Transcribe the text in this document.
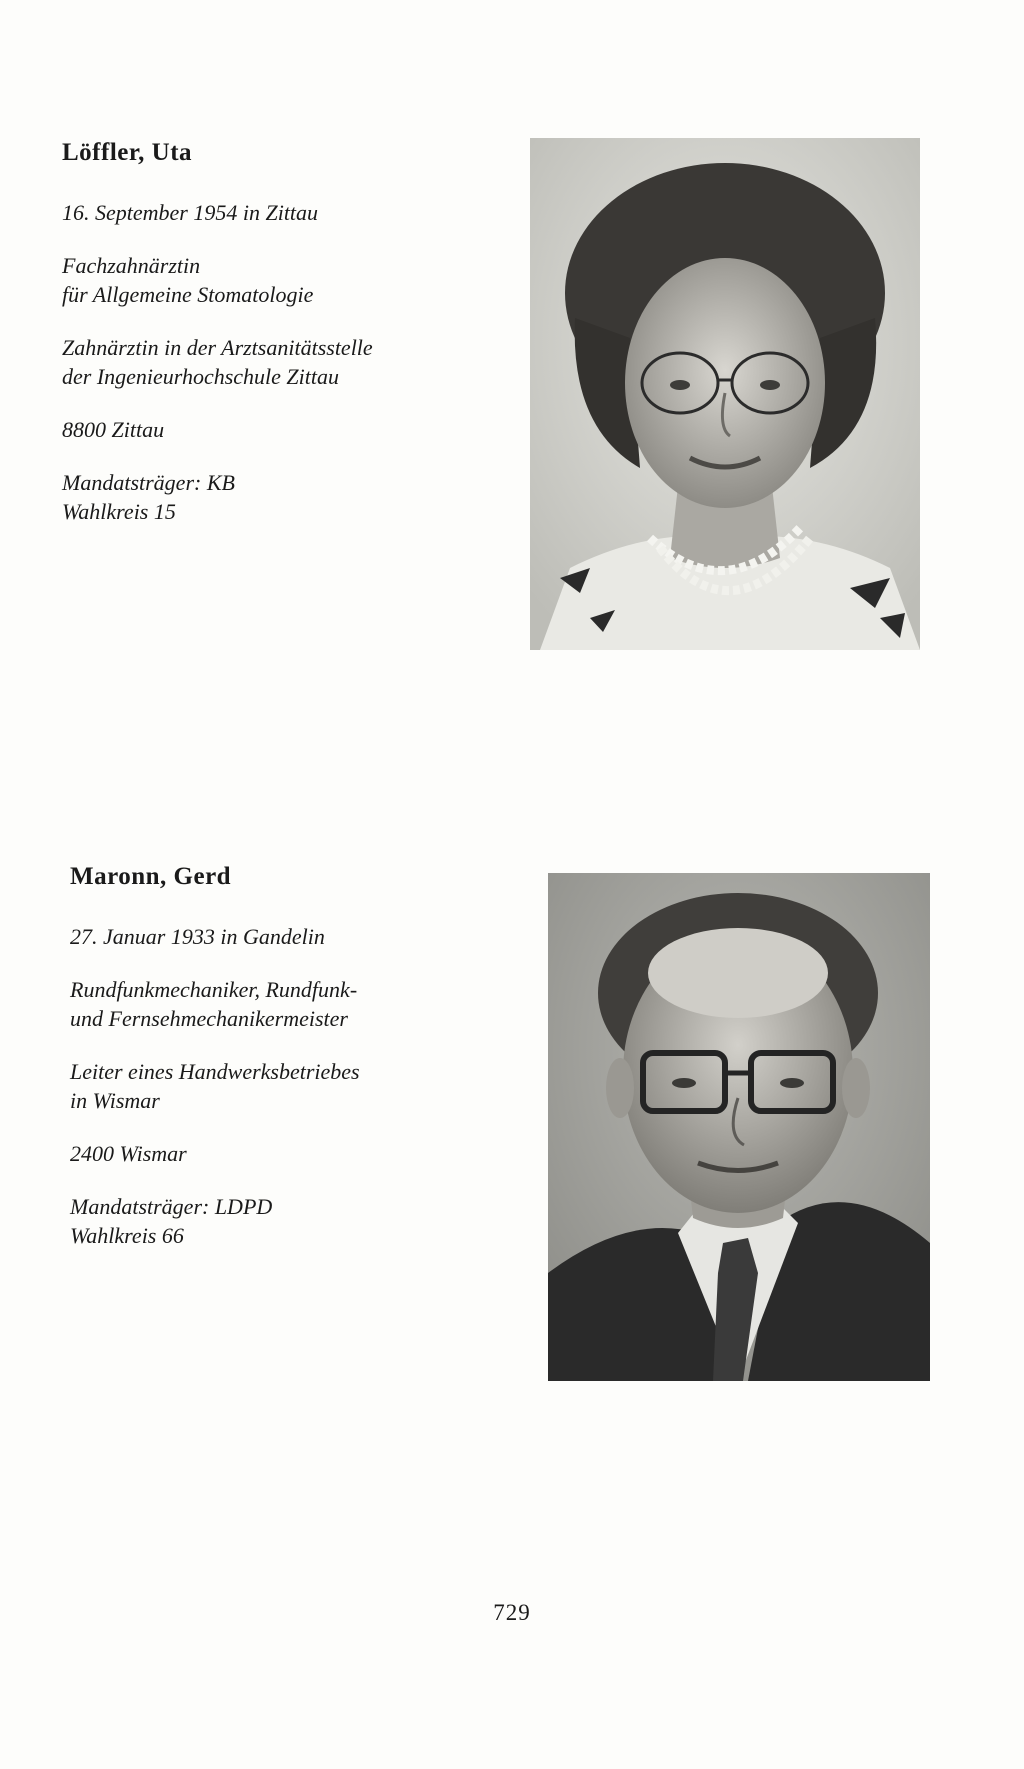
Löffler, Uta

16. September 1954 in Zittau

Fachzahnärztin

für Allgemeine Stomatologie

Zahnärztin in der Arztsanitätsstelle

der Ingenieurhochschule Zittau

8800 Zittau

Mandatsträger: KB

Wahlkreis 15

Maronn, Gerd

27. Januar 1933 in Gandelin

Rundfunkmechaniker, Rundfunk-

und Fernsehmechanikermeister

Leiter eines Handwerksbetriebes

in Wismar

2400 Wismar

Mandatsträger: LDPD

Wahlkreis 66

729
